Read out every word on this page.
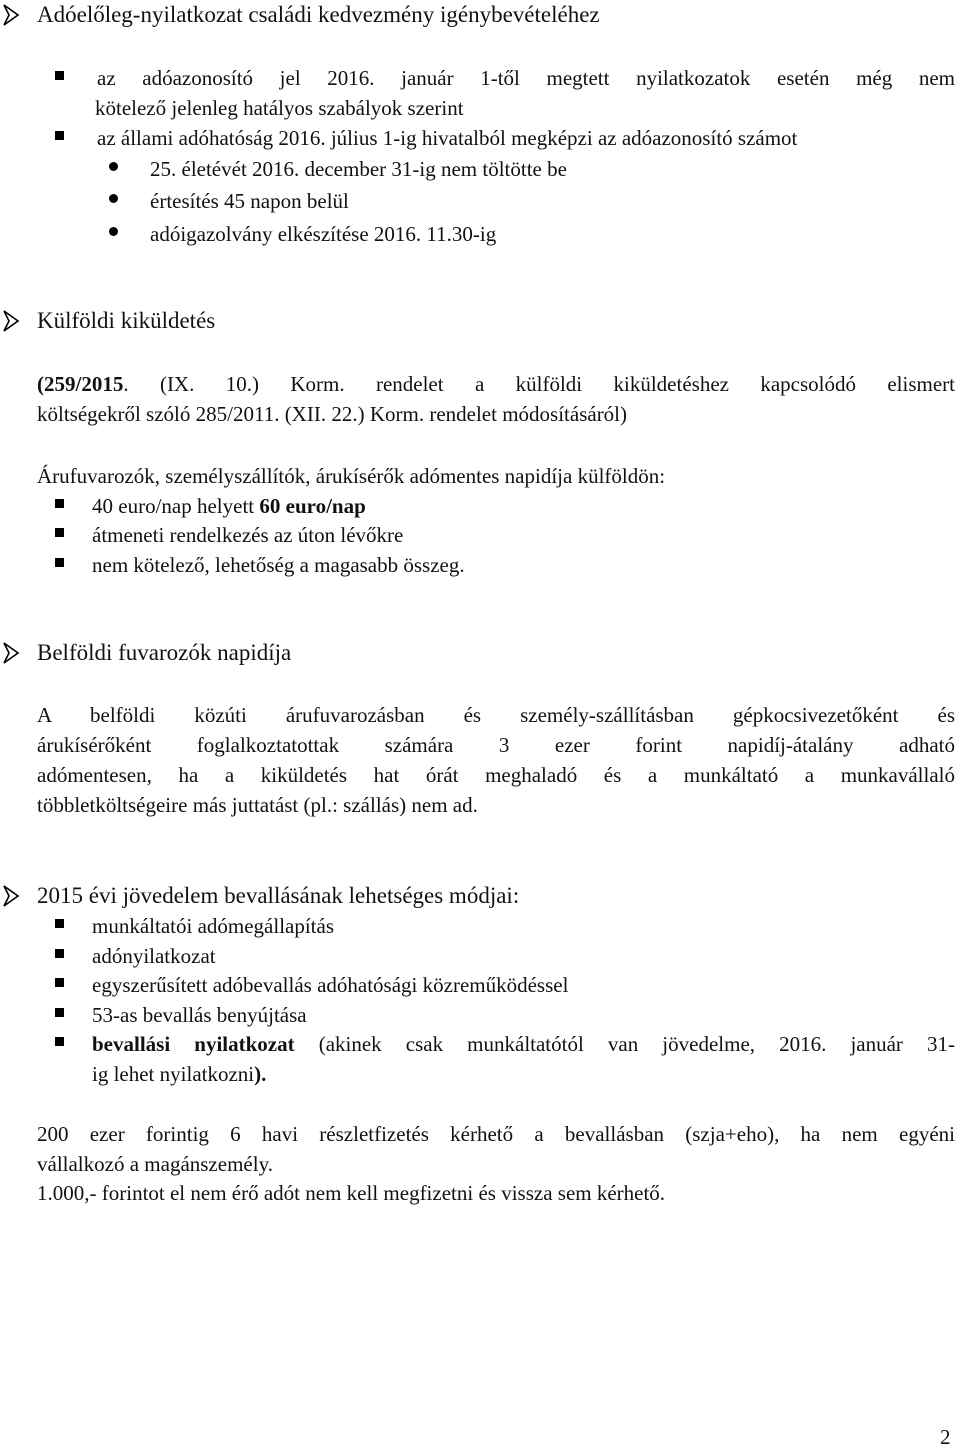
Adóelőleg-nyilatkozat családi kedvezmény igénybevételéhez

az adóazonosító jel 2016. január 1-től megtett nyilatkozatok esetén még nem

kötelező jelenleg hatályos szabályok szerint

az állami adóhatóság 2016. július 1-ig hivatalból megképzi az adóazonosító számot

25. életévét 2016. december 31-ig nem töltötte be

értesítés 45 napon belül

adóigazolvány elkészítése 2016. 11.30-ig

Külföldi kiküldetés

(259/2015. (IX. 10.) Korm. rendelet a külföldi kiküldetéshez kapcsolódó elismert

költségekről szóló 285/2011. (XII. 22.) Korm. rendelet módosításáról)

Árufuvarozók, személyszállítók, árukísérők adómentes napidíja külföldön:

40 euro/nap helyett 60 euro/nap

átmeneti rendelkezés az úton lévőkre

nem kötelező, lehetőség a magasabb összeg.

Belföldi fuvarozók napidíja

A belföldi közúti árufuvarozásban és személy-szállításban gépkocsivezetőként és

árukísérőként foglalkoztatottak számára 3 ezer forint napidíj-átalány adható

adómentesen, ha a kiküldetés hat órát meghaladó és a munkáltató a munkavállaló

többletköltségeire más juttatást (pl.: szállás) nem ad.

2015 évi jövedelem bevallásának lehetséges módjai:

munkáltatói adómegállapítás

adónyilatkozat

egyszerűsített adóbevallás adóhatósági közreműködéssel

53-as bevallás benyújtása

bevallási nyilatkozat (akinek csak munkáltatótól van jövedelme, 2016. január 31-

ig lehet nyilatkozni).

200 ezer forintig 6 havi részletfizetés kérhető a bevallásban (szja+eho), ha nem egyéni

vállalkozó a magánszemély.

1.000,- forintot el nem érő adót nem kell megfizetni és vissza sem kérhető.

2
